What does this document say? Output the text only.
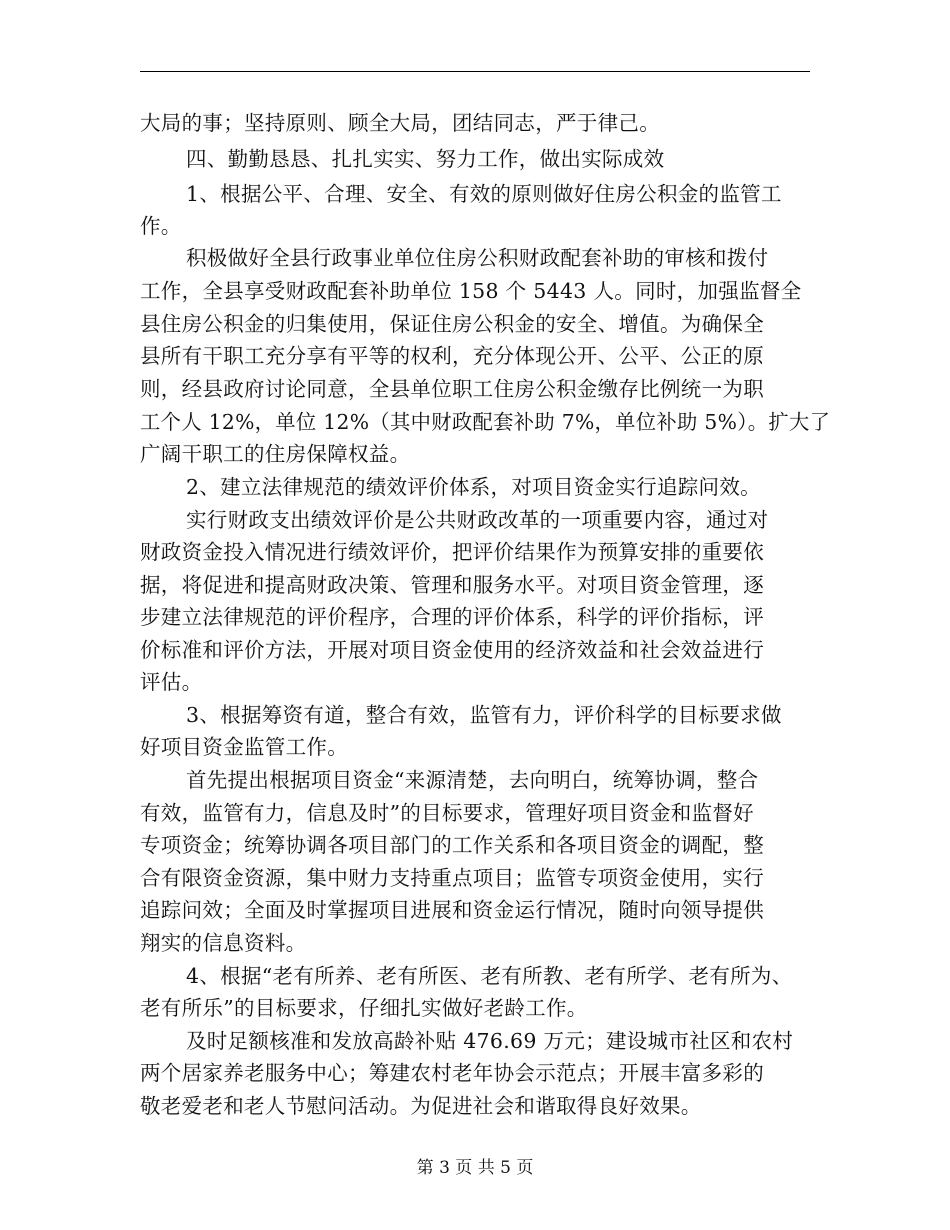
大局的事；坚持原则、顾全大局，团结同志，严于律己。
四、勤勤恳恳、扎扎实实、努力工作，做出实际成效
1、根据公平、合理、安全、有效的原则做好住房公积金的监管工
作。
积极做好全县行政事业单位住房公积财政配套补助的审核和拨付
工作，全县享受财政配套补助单位 158 个 5443 人。同时，加强监督全
县住房公积金的归集使用，保证住房公积金的安全、增值。为确保全
县所有干职工充分享有平等的权利，充分体现公开、公平、公正的原
则，经县政府讨论同意，全县单位职工住房公积金缴存比例统一为职
工个人 12%，单位 12%（其中财政配套补助 7%，单位补助 5%）。扩大了
广阔干职工的住房保障权益。
2、建立法律规范的绩效评价体系，对项目资金实行追踪问效。
实行财政支出绩效评价是公共财政改革的一项重要内容，通过对
财政资金投入情况进行绩效评价，把评价结果作为预算安排的重要依
据，将促进和提高财政决策、管理和服务水平。对项目资金管理，逐
步建立法律规范的评价程序，合理的评价体系，科学的评价指标，评
价标准和评价方法，开展对项目资金使用的经济效益和社会效益进行
评估。
3、根据筹资有道，整合有效，监管有力，评价科学的目标要求做
好项目资金监管工作。
首先提出根据项目资金“来源清楚，去向明白，统筹协调，整合
有效，监管有力，信息及时”的目标要求，管理好项目资金和监督好
专项资金；统筹协调各项目部门的工作关系和各项目资金的调配，整
合有限资金资源，集中财力支持重点项目；监管专项资金使用，实行
追踪问效；全面及时掌握项目进展和资金运行情况，随时向领导提供
翔实的信息资料。
4、根据“老有所养、老有所医、老有所教、老有所学、老有所为、
老有所乐”的目标要求，仔细扎实做好老龄工作。
及时足额核准和发放高龄补贴 476.69 万元；建设城市社区和农村
两个居家养老服务中心；筹建农村老年协会示范点；开展丰富多彩的
敬老爱老和老人节慰问活动。为促进社会和谐取得良好效果。
第 3 页 共 5 页
